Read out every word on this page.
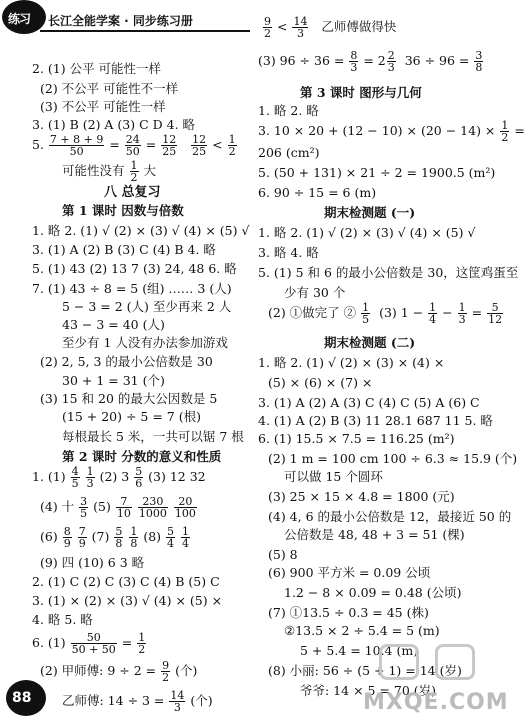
练习 长江全能学案 · 同步练习册
2. (1) 公平 可能性一样
(2) 不公平 可能性不一样
(3) 不公平 可能性一样
3. (1) B (2) A (3) C D 4. 略
5. $\frac{7 + 8 + 9}{50} = \frac{24}{50} = \frac{12}{25}$
$\frac{12}{25} < \frac{1}{2}$
可能性没有 $\frac{1}{2}$ 大
八 总复习
第 1 课时 因数与倍数
1. 略 2. (1) √ (2) × (3) √ (4) × (5) √
3. (1) A (2) B (3) C (4) B 4. 略
5. (1) 43 (2) 13 7 (3) 24, 48 6. 略
7. (1) 43 ÷ 8 = 5 (组) …… 3 (人)
5 − 3 = 2 (人) 至少再来 2 人
43 − 3 = 40 (人)
至少有 1 人没有办法参加游戏
(2) 2, 5, 3 的最小公倍数是 30
30 + 1 = 31 (个)
(3) 15 和 20 的最大公因数是 5
(15 + 20) ÷ 5 = 7 (根)
每根最长 5 米，一共可以锯 7 根
第 2 课时 分数的意义和性质
1. $(1) \frac{4}{5}$
$\frac{1}{3} (2)$ $3 \frac{5}{6} (3)$ 12 32
(4) 十 $\frac{3}{5} (5) \frac{7}{10}$
$\frac{230}{1000}$
$\frac{20}{100}$
$(6) \frac{8}{9}$
$\frac{7}{9} (7) \frac{5}{8}$
$\frac{1}{8} (8) \frac{5}{4}$
$\frac{1}{4}$
(9) 四 (10) 6 3 略
2. (1) C (2) C (3) C (4) B (5) C
3. (1) × (2) × (3) √ (4) × (5) ×
4. 略 5. 略
6. $(1) \frac{50}{50 + 50} = \frac{1}{2}$
(2) 甲师傅: $9 \div 2 = \frac{9}{2}$ (个)
乙师傅: $14 \div 3 = \frac{14}{3}$ (个)
$\frac{9}{2} < \frac{14}{3}$ 乙师傅做得快
(3) $96 \div 36 = \frac{8}{3} = 2 \frac{2}{3} 36 \div 96 = \frac{3}{8}$
第 3 课时 图形与几何
1. 略 2. 略
3. $10 \times 20 + (12 - 10) \times (20 - 14) \times \frac{1}{2}$ =
206 (cm²)
5. (50 + 131) × 21 ÷ 2 = 1900.5 (m²)
6. 90 ÷ 15 = 6 (m)
期末检测题 (一)
1. 略 2. (1) √ (2) × (3) √ (4) × (5) √
3. 略 4. 略
5. (1) 5 和 6 的最小公倍数是 30，这筐鸡蛋至
少有 30 个
(2) ①做完了 ② $\frac{1}{5} (3) 1 - \frac{1}{4} - \frac{1}{3} = \frac{5}{12}$
期末检测题 (二)
1. 略 2. (1) √ (2) × (3) × (4) ×
(5) × (6) × (7) ×
3. (1) A (2) A (3) C (4) C (5) A (6) C
4. (1) A (2) B (3) 11 28.1 687 11 5. 略
6. (1) 15.5 × 7.5 = 116.25 (m²)
(2) 1 m = 100 cm 100 ÷ 6.3 ≈ 15.9 (个)
可以做 15 个圆环
(3) 25 × 15 × 4.8 = 1800 (元)
(4) 4, 6 的最小公倍数是 12，最接近 50 的
公倍数是 48, 48 + 3 = 51 (棵)
(5) 8
(6) 900 平方米 = 0.09 公顷
1.2 − 8 × 0.09 = 0.48 (公顷)
(7) ①13.5 ÷ 0.3 = 45 (株)
②13.5 × 2 ÷ 5.4 = 5 (m)
5 + 5.4 = 10.4 (m)
(8) 小丽: 56 ÷ (5 + 1) = 14 (岁)
爷爷: 14 × 5 = 70 (岁)
88	MXQE.COM
